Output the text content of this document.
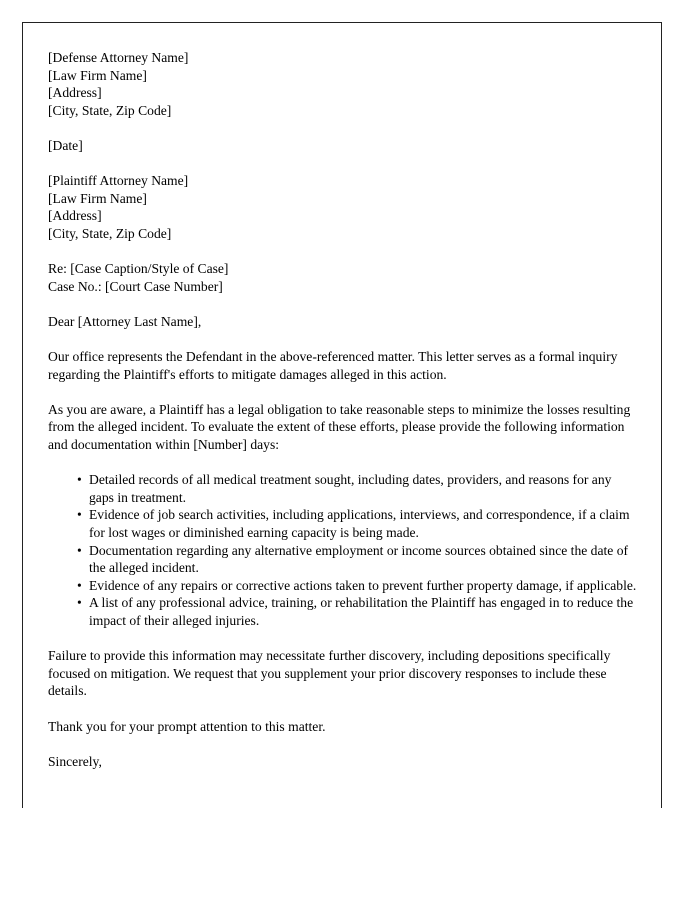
[Defense Attorney Name]
[Law Firm Name]
[Address]
[City, State, Zip Code]
[Date]
[Plaintiff Attorney Name]
[Law Firm Name]
[Address]
[City, State, Zip Code]
Re: [Case Caption/Style of Case]
Case No.: [Court Case Number]
Dear [Attorney Last Name],

Our office represents the Defendant in the above-referenced matter. This letter serves as a formal inquiry regarding the Plaintiff's efforts to mitigate damages alleged in this action.

As you are aware, a Plaintiff has a legal obligation to take reasonable steps to minimize the losses resulting from the alleged incident. To evaluate the extent of these efforts, please provide the following information and documentation within [Number] days:

• Detailed records of all medical treatment sought, including dates, providers, and reasons for any gaps in treatment.
• Evidence of job search activities, including applications, interviews, and correspondence, if a claim for lost wages or diminished earning capacity is being made.
• Documentation regarding any alternative employment or income sources obtained since the date of the alleged incident.
• Evidence of any repairs or corrective actions taken to prevent further property damage, if applicable.
• A list of any professional advice, training, or rehabilitation the Plaintiff has engaged in to reduce the impact of their alleged injuries.

Failure to provide this information may necessitate further discovery, including depositions specifically focused on mitigation. We request that you supplement your prior discovery responses to include these details.

Thank you for your prompt attention to this matter.

Sincerely,
